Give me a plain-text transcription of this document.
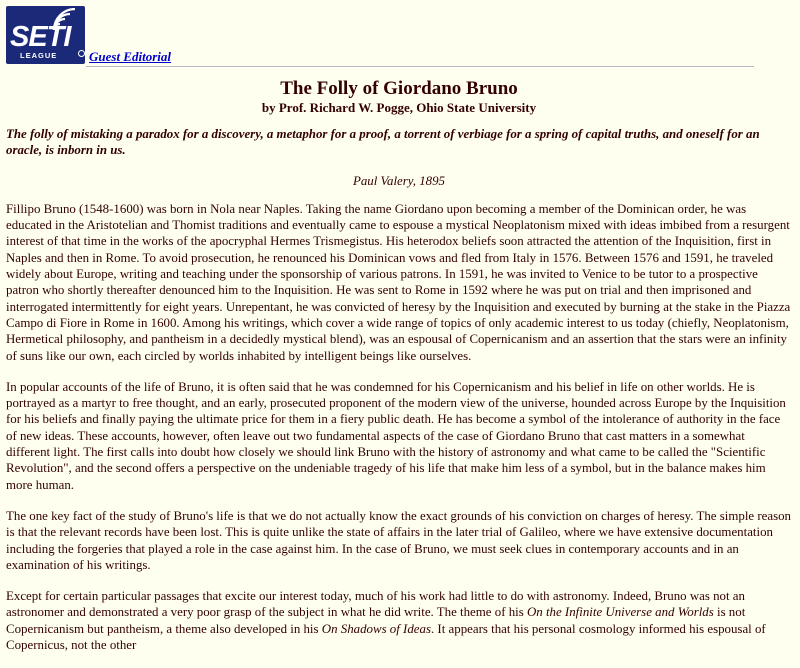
SETI
LEAGUE Guest Editorial
The Folly of Giordano Bruno
by Prof. Richard W. Pogge, Ohio State University

The folly of mistaking a paradox for a discovery, a metaphor for a proof, a torrent of verbiage for a spring of capital truths, and oneself for an oracle, is inborn in us.

Paul Valery, 1895

Fillipo Bruno (1548-1600) was born in Nola near Naples. Taking the name Giordano upon becoming a member of the Dominican order, he was educated in the Aristotelian and Thomist traditions and eventually came to espouse a mystical Neoplatonism mixed with ideas imbibed from a resurgent interest of that time in the works of the apocryphal Hermes Trismegistus. His heterodox beliefs soon attracted the attention of the Inquisition, first in Naples and then in Rome. To avoid prosecution, he renounced his Dominican vows and fled from Italy in 1576. Between 1576 and 1591, he traveled widely about Europe, writing and teaching under the sponsorship of various patrons. In 1591, he was invited to Venice to be tutor to a prospective patron who shortly thereafter denounced him to the Inquisition. He was sent to Rome in 1592 where he was put on trial and then imprisoned and interrogated intermittently for eight years. Unrepentant, he was convicted of heresy by the Inquisition and executed by burning at the stake in the Piazza Campo di Fiore in Rome in 1600. Among his writings, which cover a wide range of topics of only academic interest to us today (chiefly, Neoplatonism, Hermetical philosophy, and pantheism in a decidedly mystical blend), was an espousal of Copernicanism and an assertion that the stars were an infinity of suns like our own, each circled by worlds inhabited by intelligent beings like ourselves.

In popular accounts of the life of Bruno, it is often said that he was condemned for his Copernicanism and his belief in life on other worlds. He is portrayed as a martyr to free thought, and an early, prosecuted proponent of the modern view of the universe, hounded across Europe by the Inquisition for his beliefs and finally paying the ultimate price for them in a fiery public death. He has become a symbol of the intolerance of authority in the face of new ideas. These accounts, however, often leave out two fundamental aspects of the case of Giordano Bruno that cast matters in a somewhat different light. The first calls into doubt how closely we should link Bruno with the history of astronomy and what came to be called the "Scientific Revolution", and the second offers a perspective on the undeniable tragedy of his life that make him less of a symbol, but in the balance makes him more human.

The one key fact of the study of Bruno's life is that we do not actually know the exact grounds of his conviction on charges of heresy. The simple reason is that the relevant records have been lost. This is quite unlike the state of affairs in the later trial of Galileo, where we have extensive documentation including the forgeries that played a role in the case against him. In the case of Bruno, we must seek clues in contemporary accounts and in an examination of his writings.

Except for certain particular passages that excite our interest today, much of his work had little to do with astronomy. Indeed, Bruno was not an astronomer and demonstrated a very poor grasp of the subject in what he did write. The theme of his On the Infinite Universe and Worlds is not Copernicanism but pantheism, a theme also developed in his On Shadows of Ideas. It appears that his personal cosmology informed his espousal of Copernicus, not the other
